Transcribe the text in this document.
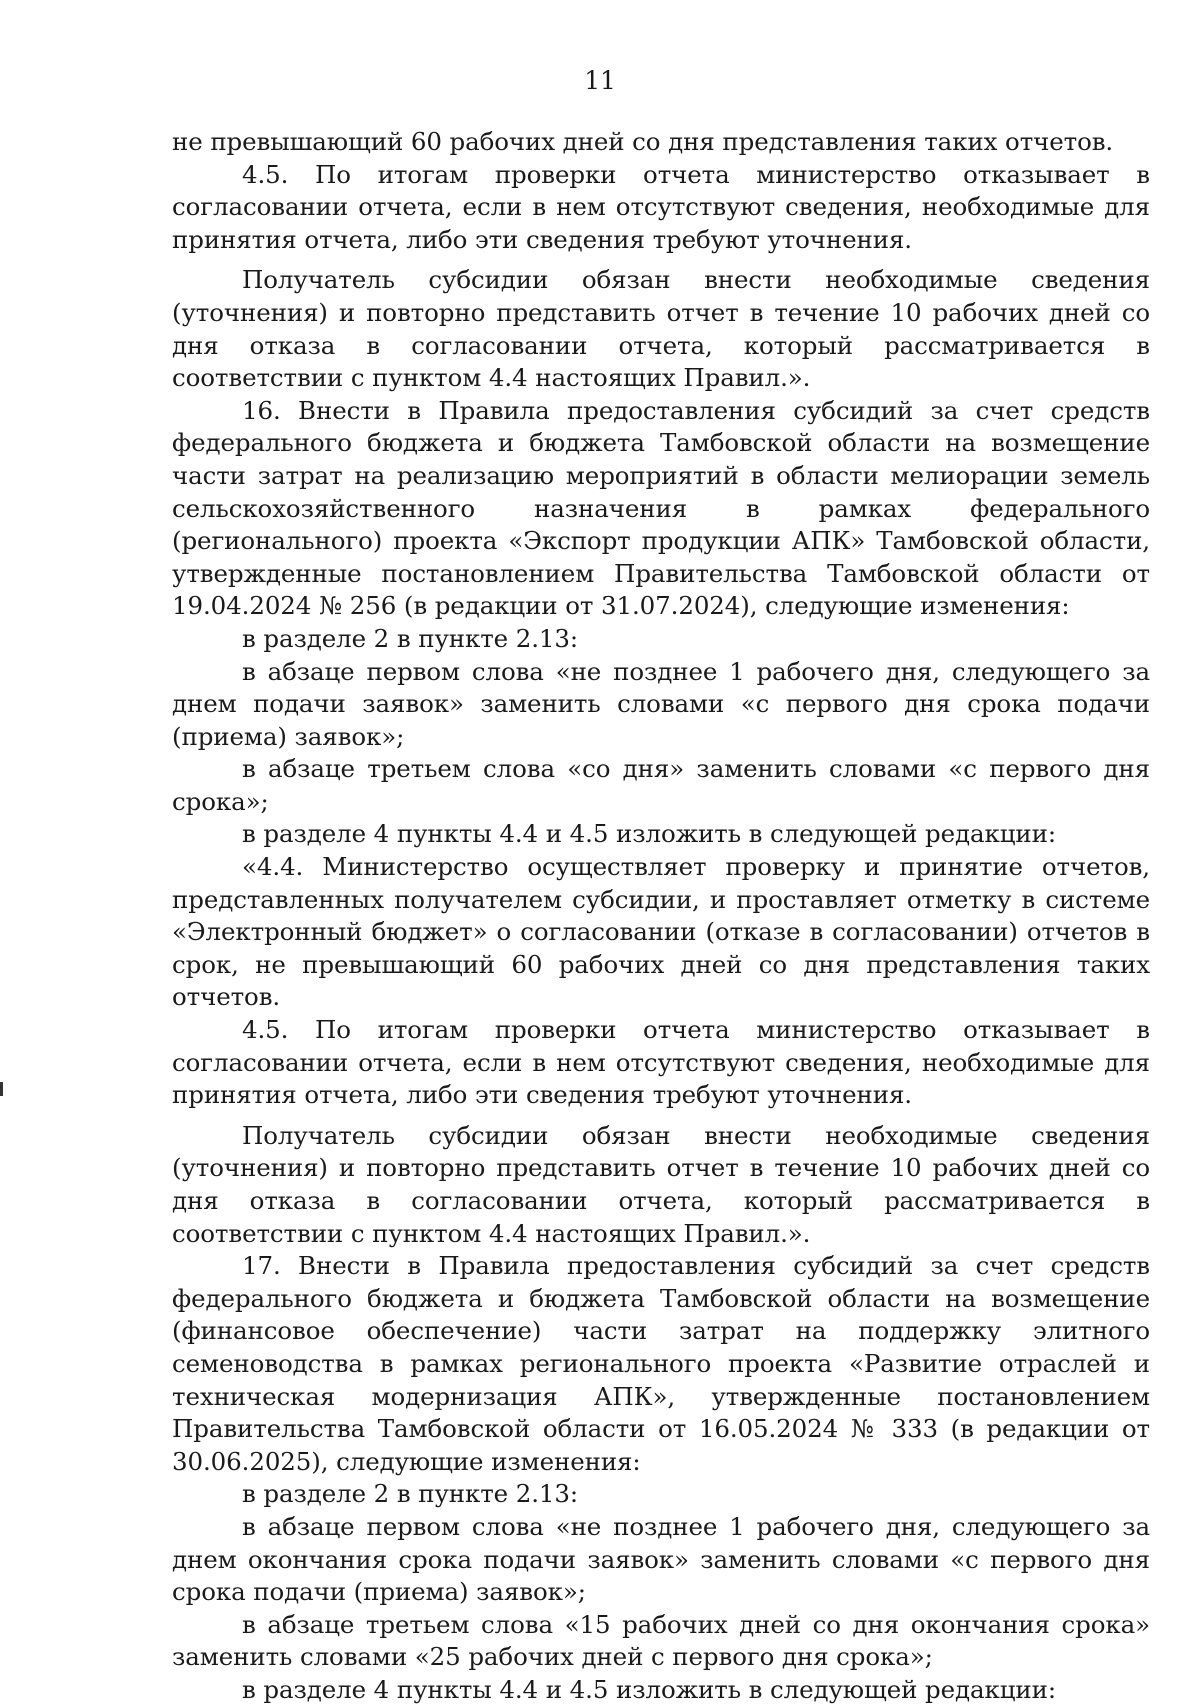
11

не превышающий 60 рабочих дней со дня представления таких отчетов.

4.5. По итогам проверки отчета министерство отказывает в согласовании отчета, если в нем отсутствуют сведения, необходимые для принятия отчета, либо эти сведения требуют уточнения.

Получатель субсидии обязан внести необходимые сведения (уточнения) и повторно представить отчет в течение 10 рабочих дней со дня отказа в согласовании отчета, который рассматривается в соответствии с пунктом 4.4 настоящих Правил.».

16. Внести в Правила предоставления субсидий за счет средств федерального бюджета и бюджета Тамбовской области на возмещение части затрат на реализацию мероприятий в области мелиорации земель сельскохозяйственного назначения в рамках федерального (регионального) проекта «Экспорт продукции АПК» Тамбовской области, утвержденные постановлением Правительства Тамбовской области от 19.04.2024 № 256 (в редакции от 31.07.2024), следующие изменения:

в разделе 2 в пункте 2.13:

в абзаце первом слова «не позднее 1 рабочего дня, следующего за днем подачи заявок» заменить словами «с первого дня срока подачи (приема) заявок»;

в абзаце третьем слова «со дня» заменить словами «с первого дня срока»;

в разделе 4 пункты 4.4 и 4.5 изложить в следующей редакции:

«4.4. Министерство осуществляет проверку и принятие отчетов, представленных получателем субсидии, и проставляет отметку в системе «Электронный бюджет» о согласовании (отказе в согласовании) отчетов в срок, не превышающий 60 рабочих дней со дня представления таких отчетов.

4.5. По итогам проверки отчета министерство отказывает в согласовании отчета, если в нем отсутствуют сведения, необходимые для принятия отчета, либо эти сведения требуют уточнения.

Получатель субсидии обязан внести необходимые сведения (уточнения) и повторно представить отчет в течение 10 рабочих дней со дня отказа в согласовании отчета, который рассматривается в соответствии с пунктом 4.4 настоящих Правил.».

17. Внести в Правила предоставления субсидий за счет средств федерального бюджета и бюджета Тамбовской области на возмещение (финансовое обеспечение) части затрат на поддержку элитного семеноводства в рамках регионального проекта «Развитие отраслей и техническая модернизация АПК», утвержденные постановлением Правительства Тамбовской области от 16.05.2024 № 333 (в редакции от 30.06.2025), следующие изменения:

в разделе 2 в пункте 2.13:

в абзаце первом слова «не позднее 1 рабочего дня, следующего за днем окончания срока подачи заявок» заменить словами «с первого дня срока подачи (приема) заявок»;

в абзаце третьем слова «15 рабочих дней со дня окончания срока» заменить словами «25 рабочих дней с первого дня срока»;

в разделе 4 пункты 4.4 и 4.5 изложить в следующей редакции:
